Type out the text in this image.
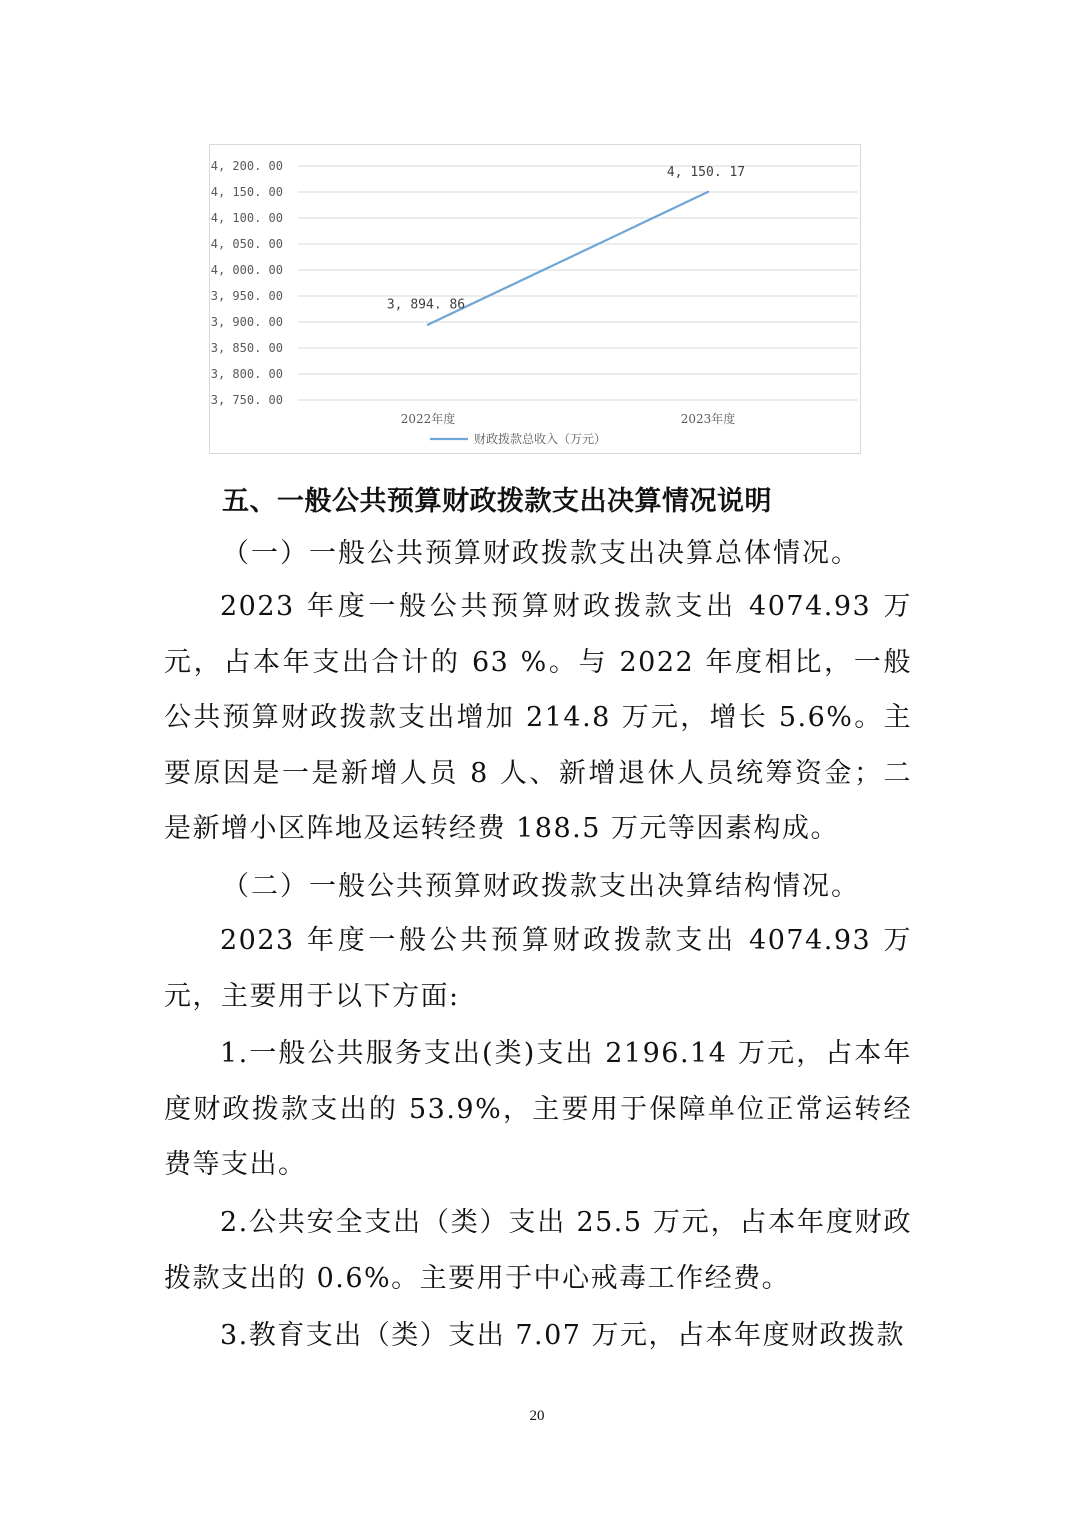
4, 200. 00
4, 150. 00
4, 100. 00
4, 050. 00
4, 000. 00
3, 950. 00
3, 900. 00
3, 850. 00
3, 800. 00
3, 750. 00
2022年度	2023年度
3, 894. 86
4, 150. 17
财政拨款总收入（万元）
五、一般公共预算财政拨款支出决算情况说明
（一）一般公共预算财政拨款支出决算总体情况。

2023 年度一般公共预算财政拨款支出 4074.93 万元，占本年支出合计的 63 %。与 2022 年度相比，一般公共预算财政拨款支出增加 214.8 万元，增长 5.6%。主要原因是一是新增人员 8 人、新增退休人员统筹资金；二是新增小区阵地及运转经费 188.5 万元等因素构成。

（二）一般公共预算财政拨款支出决算结构情况。

2023 年度一般公共预算财政拨款支出 4074.93 万元，主要用于以下方面:

1.一般公共服务支出(类)支出 2196.14 万元，占本年度财政拨款支出的 53.9%，主要用于保障单位正常运转经费等支出。

2.公共安全支出（类）支出 25.5 万元，占本年度财政拨款支出的 0.6%。主要用于中心戒毒工作经费。

3.教育支出（类）支出 7.07 万元，占本年度财政拨款

20
